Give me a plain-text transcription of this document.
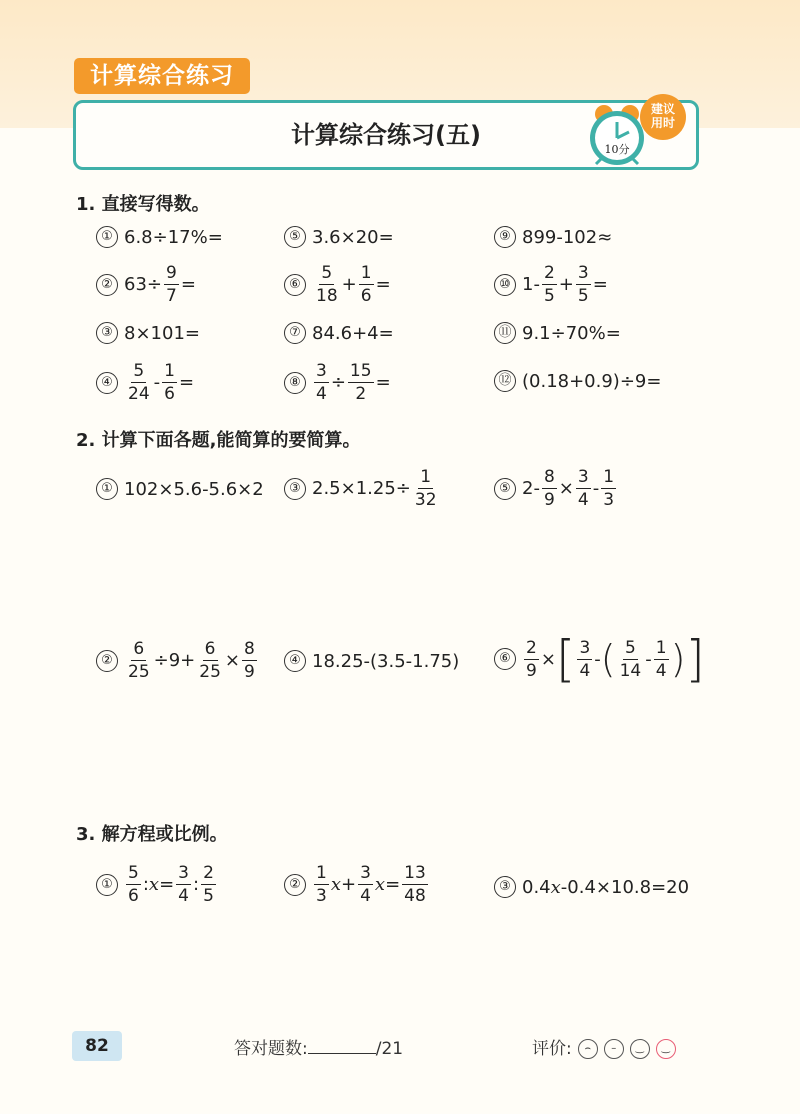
计算综合练习
计算综合练习(五)
10分
建议
用时
1. 直接写得数。
① 6.8÷17%=
② $63\div \frac{9}{7}$ =
③ 8×101=
④ $\frac{5}{24} - \frac{1}{6}$ =
⑤ 3.6×20=
⑥ $\frac{5}{18} + \frac{1}{6}$ =
⑦ 84.6+4=
⑧ $\frac{3}{4} \div \frac{15}{2}$ =
⑨ 899-102≈
⑩ $1- \frac{2}{5} + \frac{3}{5}$ =
⑪ 9.1÷70%=
⑫ (0.18+0.9)÷9=
2. 计算下面各题,能简算的要简算。
① 102×5.6-5.6×2	③ $2.5\times 1.25\div \frac{1}{32}$	⑤ $2- \frac{8}{9} \times \frac{3}{4} - \frac{1}{3}$
② $\frac{6}{25} \div 9+ \frac{6}{25} \times \frac{8}{9}$	④ 18.25-(3.5-1.75)	⑥ $\frac{2}{9}$ × [ $\frac{3}{4}$ - ( $\frac{5}{14} - \frac{1}{4}$ ) ]
3. 解方程或比例。
① $\frac{5}{6}$ : $x = \frac{3}{4}$ : $\frac{2}{5}$	② $\frac{1}{3}$ $x + \frac{3}{4}$ $x = \frac{13}{48}$	③ 0.4 x -0.4×10.8=20
82	答对题数:	/21	评价: ⌢ – ‿ ‿
